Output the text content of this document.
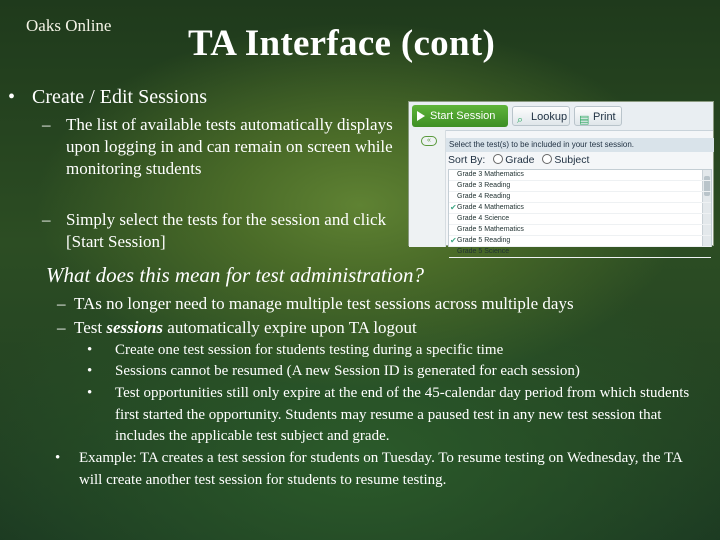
Oaks Online TA Interface (cont)
• Create / Edit Sessions
– The list of available tests automatically displays upon logging in and can remain on screen while monitoring students
– Simply select the tests for the session and click [Start Session]
Start Session ⌕ Lookup ▤ Print
«	Select the test(s) to be included in your test session.
Sort By: Grade Subject
Grade 3 Mathematics
Grade 3 Reading
Grade 4 Reading
✔ Grade 4 Mathematics
Grade 4 Science
Grade 5 Mathematics
✔ Grade 5 Reading
Grade 5 Science
What does this mean for test administration?
– TAs no longer need to manage multiple test sessions across multiple days
– Test sessions automatically expire upon TA logout
•	Create one test session for students testing during a specific time
•	Sessions cannot be resumed (A new Session ID is generated for each session)
•	Test opportunities still only expire at the end of the 45-calendar day period from which students first started the opportunity. Students may resume a paused test in any new test session that includes the applicable test subject and grade.
•	Example: TA creates a test session for students on Tuesday. To resume testing on Wednesday, the TA will create another test session for students to resume testing.
